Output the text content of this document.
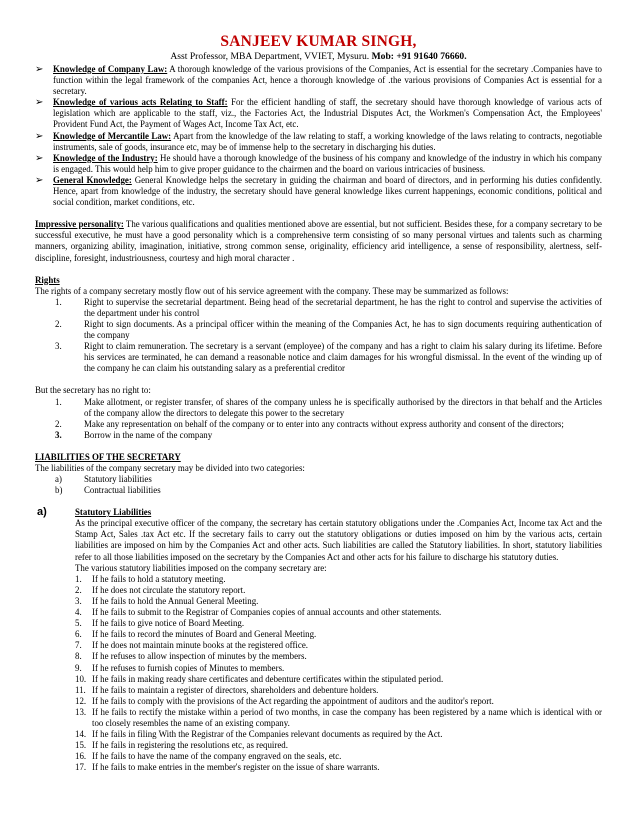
SANJEEV KUMAR SINGH,
Asst Professor, MBA Department, VVIET, Mysuru. Mob: +91 91640 76660.
➢	Knowledge of Company Law: A thorough knowledge of the various provisions of the Companies, Act is essential for the secretary .Companies have to function within the legal framework of the companies Act, hence a thorough knowledge of .the various provisions of Companies Act is essential for a secretary.
➢	Knowledge of various acts Relating to Staff: For the efficient handling of staff, the secretary should have thorough knowledge of various acts of legislation which are applicable to the staff, viz., the Factories Act, the Industrial Disputes Act, the Workmen's Compensation Act, the Employees' Provident Fund Act, the Payment of Wages Act, Income Tax Act, etc.
➢	Knowledge of Mercantile Law: Apart from the knowledge of the law relating to staff, a working knowledge of the laws relating to contracts, negotiable instruments, sale of goods, insurance etc, may be of immense help to the secretary in discharging his duties.
➢	Knowledge of the Industry: He should have a thorough knowledge of the business of his company and knowledge of the industry in which his company is engaged. This would help him to give proper guidance to the chairmen and the board on various intricacies of business.
➢	General Knowledge: General Knowledge helps the secretary in guiding the chairman and board of directors, and in performing his duties confidently. Hence, apart from knowledge of the industry, the secretary should have general knowledge likes current happenings, economic conditions, political and social condition, market conditions, etc.
Impressive personality: The various qualifications and qualities mentioned above are essential, but not sufficient. Besides these, for a company secretary to be successful executive, he must have a good personality which is a comprehensive term consisting of so many personal virtues and talents such as charming manners, organizing ability, imagination, initiative, strong common sense, originality, efficiency arid intelligence, a sense of responsibility, alertness, self-discipline, foresight, industriousness, courtesy and high moral character .
Rights
The rights of a company secretary mostly flow out of his service agreement with the company. These may be summarized as follows:
1.	Right to supervise the secretarial department. Being head of the secretarial department, he has the right to control and supervise the activities of the department under his control
2.	Right to sign documents. As a principal officer within the meaning of the Companies Act, he has to sign documents requiring authentication of the company
3.	Right to claim remuneration. The secretary is a servant (employee) of the company and has a right to claim his salary during its lifetime. Before his services are terminated, he can demand a reasonable notice and claim damages for his wrongful dismissal. In the event of the winding up of the company he can claim his outstanding salary as a preferential creditor
But the secretary has no right to:
1.	Make allotment, or register transfer, of shares of the company unless he is specifically authorised by the directors in that behalf and the Articles of the company allow the directors to delegate this power to the secretary
2.	Make any representation on behalf of the company or to enter into any contracts without express authority and consent of the directors;
3.	Borrow in the name of the company
LIABILITIES OF THE SECRETARY
The liabilities of the company secretary may be divided into two categories:
a)	Statutory liabilities
b)	Contractual liabilities
a)	Statutory Liabilities
As the principal executive officer of the company, the secretary has certain statutory obligations under the .Companies Act, Income tax Act and the Stamp Act, Sales .tax Act etc. If the secretary fails to carry out the statutory obligations or duties imposed on him by the various acts, certain liabilities are imposed on him by the Companies Act and other acts. Such liabilities are called the Statutory liabilities. In short, statutory liabilities refer to all those liabilities imposed on the secretary by the Companies Act and other acts for his failure to discharge his statutory duties.
The various statutory liabilities imposed on the company secretary are:
1.	If he fails to hold a statutory meeting.
2.	If he does not circulate the statutory report.
3.	If he fails to hold the Annual General Meeting.
4.	If he fails to submit to the Registrar of Companies copies of annual accounts and other statements.
5.	If he fails to give notice of Board Meeting.
6.	If he fails to record the minutes of Board and General Meeting.
7.	If he does not maintain minute books at the registered office.
8.	If he refuses to allow inspection of minutes by the members.
9.	If he refuses to furnish copies of Minutes to members.
10. If he fails in making ready share certificates and debenture certificates within the stipulated period.
11. If he fails to maintain a register of directors, shareholders and debenture holders.
12. If he fails to comply with the provisions of the Act regarding the appointment of auditors and the auditor's report.
13. If he fails to rectify the mistake within a period of two months, in case the company has been registered by a name which is identical with or too closely resembles the name of an existing company.
14. If he fails in filing With the Registrar of the Companies relevant documents as required by the Act.
15. If he fails in registering the resolutions etc, as required.
16. If he fails to have the name of the company engraved on the seals, etc.
17. If he fails to make entries in the member's register on the issue of share warrants.
